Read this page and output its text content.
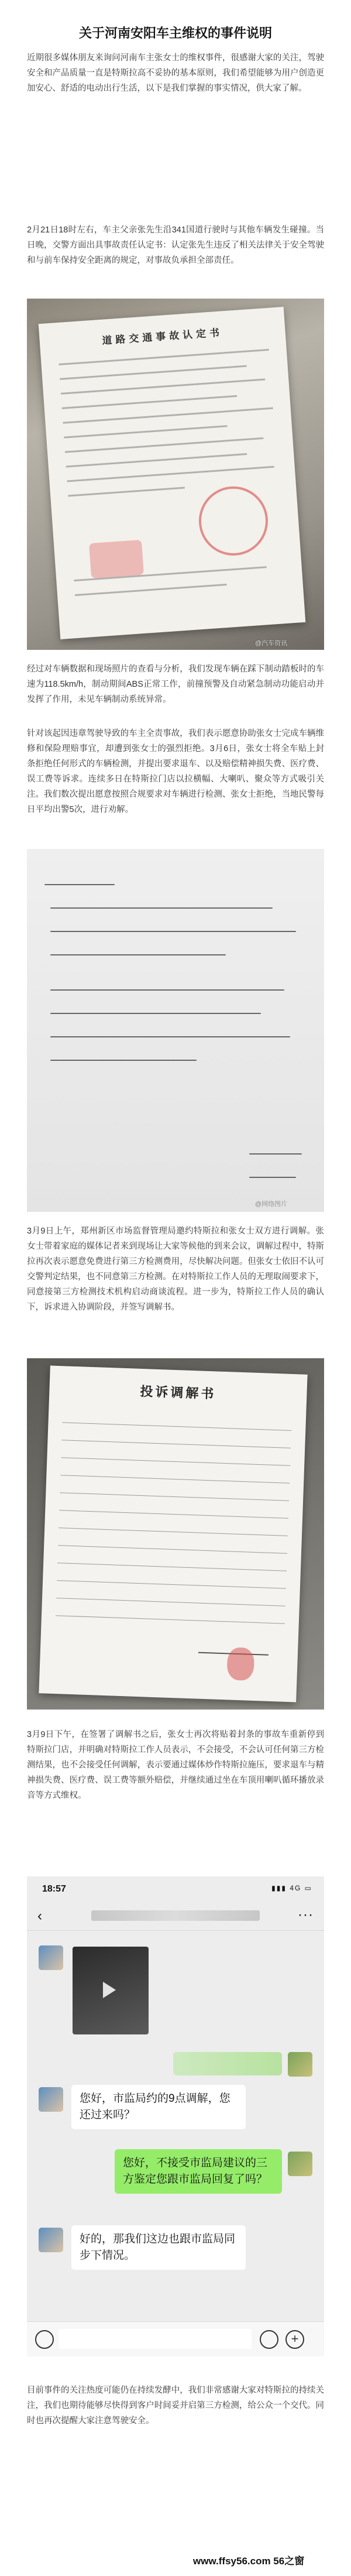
关于河南安阳车主维权的事件说明

近期很多媒体朋友来询问河南车主张女士的维权事件，很感谢大家的关注，驾驶安全和产品质量一直是特斯拉高不妥协的基本原则，我们希望能够为用户创造更加安心、舒适的电动出行生活，以下是我们掌握的事实情况，供大家了解。

2月21日18时左右，车主父亲张先生沿341国道行驶时与其他车辆发生碰撞。当日晚，交警方面出具事故责任认定书：认定张先生违反了相关法律关于安全驾驶和与前车保持安全距离的规定，对事故负承担全部责任。

道路交通事故认定书
@汽车资讯

经过对车辆数据和现场照片的查看与分析，我们发现车辆在踩下制动踏板时的车速为118.5km/h，制动期间ABS正常工作，前撞预警及自动紧急制动功能启动并发挥了作用，未见车辆制动系统异常。

针对该起因违章驾驶导致的车主全责事故，我们表示愿意协助张女士完成车辆维修和保险理赔事宜，却遭到张女士的强烈拒绝。3月6日，张女士将全车贴上封条拒绝任何形式的车辆检测，并提出要求退车、以及赔偿精神损失费、医疗费、误工费等诉求。连续多日在特斯拉门店以拉横幅、大喇叭、聚众等方式吸引关注。我们数次提出愿意按照合规要求对车辆进行检测、张女士拒绝，当地民警每日平均出警5次，进行劝解。

@网络图片

3月9日上午，郑州新区市场监督管理局邀约特斯拉和张女士双方进行调解。张女士带着家庭的媒体记者来到现场让大家等候他的到来会议，调解过程中，特斯拉再次表示愿意免费进行第三方检测费用，尽快解决问题。但张女士依旧不认可交警判定结果，也不同意第三方检测。在对特斯拉工作人员的无理取闹要求下，同意接第三方检测技术机构启动商谈流程。进一步为，特斯拉工作人员的确认下，诉求进入协调阶段，并签写调解书。

投诉调解书

3月9日下午，在签署了调解书之后，张女士再次将贴着封条的事故车重新停到特斯拉门店，并明确对特斯拉工作人员表示，不会接受，不会认可任何第三方检测结果，也不会接受任何调解，表示要通过媒体炒作特斯拉施压，要求退车与精神损失费、医疗费、误工费等额外赔偿，并继续通过坐在车顶用喇叭循环播放录音等方式维权。

18:57	▮▮▮ 4G ▭
‹	···
您好，市监局约的9点调解，您还过来吗？
您好，不接受市监局建议的三方鉴定您跟市监局回复了吗？
好的，那我们这边也跟市监局同步下情况。
+

目前事件的关注热度可能仍在持续发酵中，我们非常感谢大家对特斯拉的持续关注，我们也期待能够尽快得到客户时间妥并启第三方检测，给公众一个交代。同时也再次提醒大家注意驾驶安全。

www.ffsy56.com 56之窗
